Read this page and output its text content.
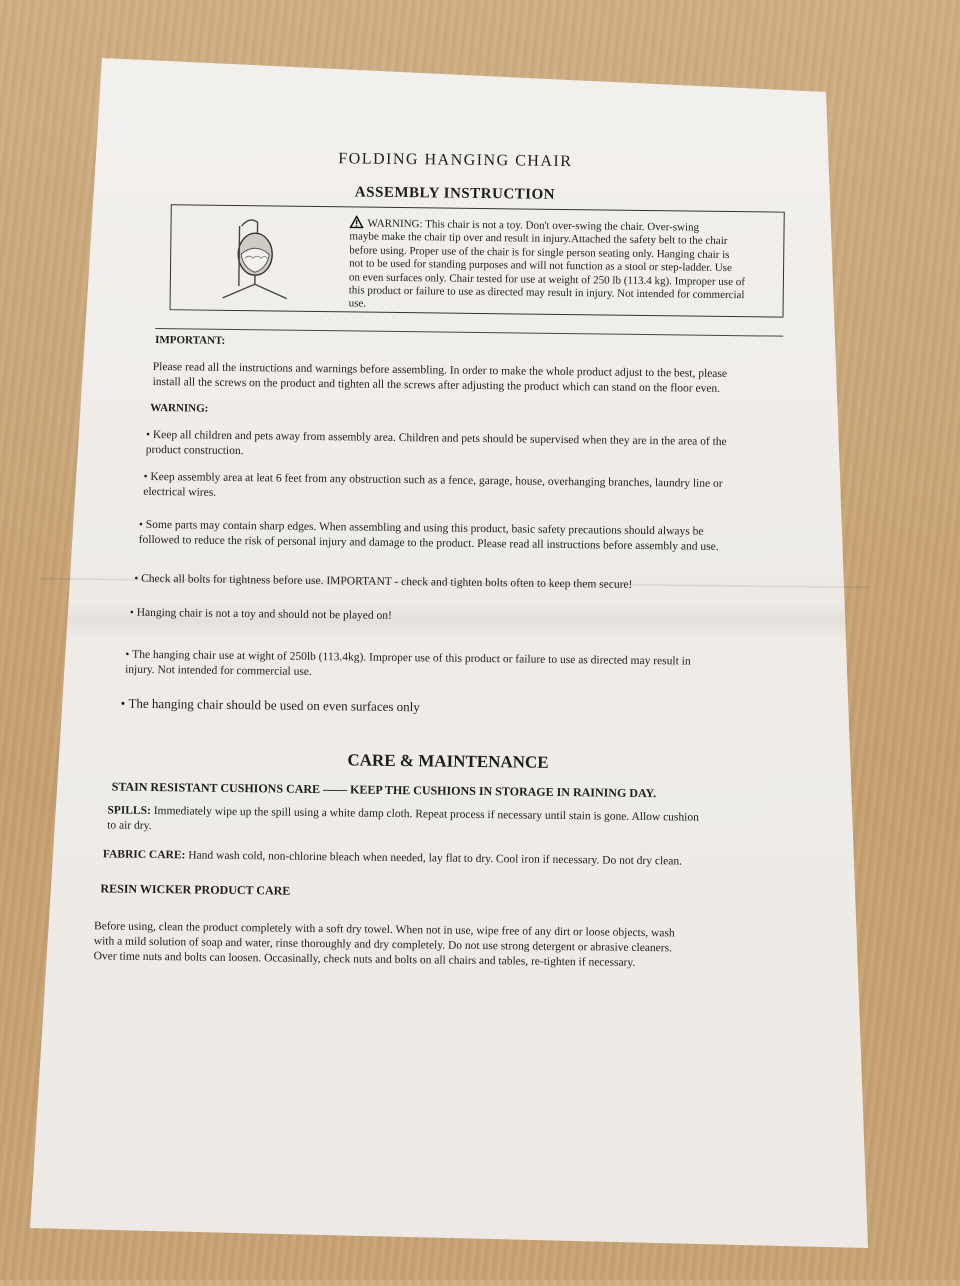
FOLDING HANGING CHAIR
ASSEMBLY INSTRUCTION
WARNING: This chair is not a toy. Don't over-swing the chair. Over-swing
maybe make the chair tip over and result in injury.Attached the safety belt to the chair
before using. Proper use of the chair is for single person seating only. Hanging chair is
not to be used for standing purposes and will not function as a stool or step-ladder. Use
on even surfaces only. Chair tested for use at weight of 250 lb (113.4 kg). Improper use of
this product or failure to use as directed may result in injury. Not intended for commercial
use.
IMPORTANT:
Please read all the instructions and warnings before assembling. In order to make the whole product adjust to the best, please
install all the screws on the product and tighten all the screws after adjusting the product which can stand on the floor even.
WARNING:
• Keep all children and pets away from assembly area. Children and pets should be supervised when they are in the area of the
product construction.
• Keep assembly area at leat 6 feet from any obstruction such as a fence, garage, house, overhanging branches, laundry line or
electrical wires.
• Some parts may contain sharp edges. When assembling and using this product, basic safety precautions should always be
followed to reduce the risk of personal injury and damage to the product. Please read all instructions before assembly and use.
• Check all bolts for tightness before use. IMPORTANT - check and tighten bolts often to keep them secure!
• Hanging chair is not a toy and should not be played on!
• The hanging chair use at wight of 250lb (113.4kg). Improper use of this product or failure to use as directed may result in
injury. Not intended for commercial use.
• The hanging chair should be used on even surfaces only
CARE & MAINTENANCE
STAIN RESISTANT CUSHIONS CARE —— KEEP THE CUSHIONS IN STORAGE IN RAINING DAY.
SPILLS: Immediately wipe up the spill using a white damp cloth. Repeat process if necessary until stain is gone. Allow cushion
to air dry.
FABRIC CARE: Hand wash cold, non-chlorine bleach when needed, lay flat to dry. Cool iron if necessary. Do not dry clean.
RESIN WICKER PRODUCT CARE
Before using, clean the product completely with a soft dry towel. When not in use, wipe free of any dirt or loose objects, wash
with a mild solution of soap and water, rinse thoroughly and dry completely. Do not use strong detergent or abrasive cleaners.
Over time nuts and bolts can loosen. Occasinally, check nuts and bolts on all chairs and tables, re-tighten if necessary.
